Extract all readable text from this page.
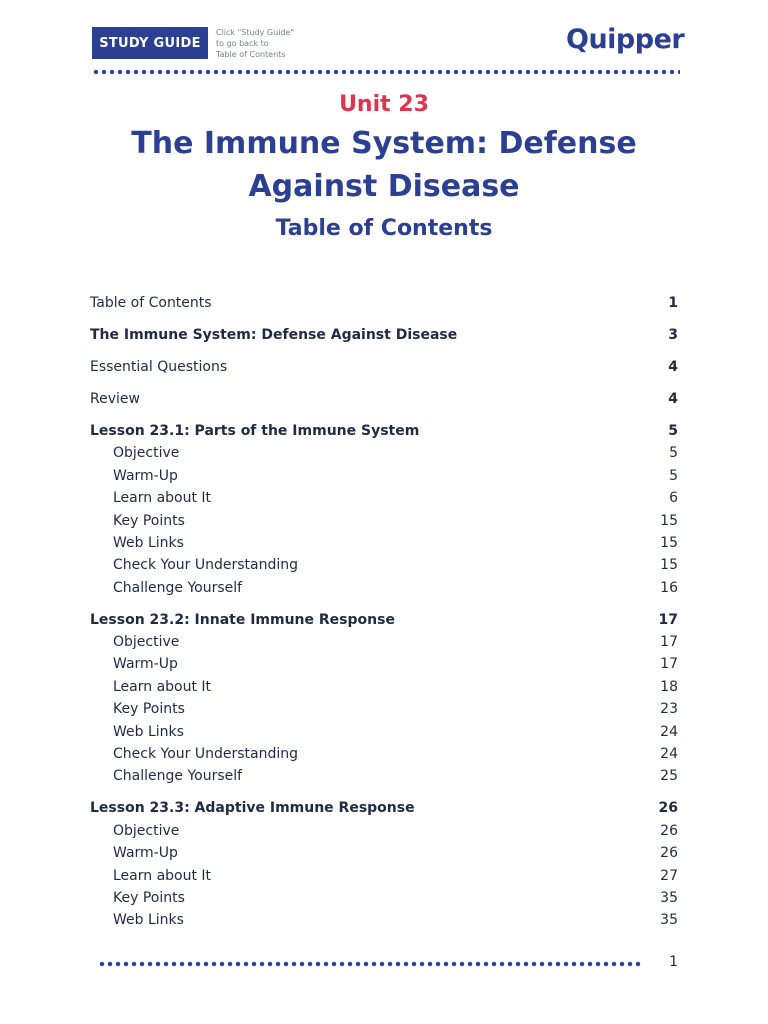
STUDY GUIDE
Click "Study Guide"
to go back to
Table of Contents	Quipper
Unit 23
The Immune System: Defense Against Disease
Table of Contents
Table of Contents	1
The Immune System: Defense Against Disease	3
Essential Questions	4
Review	4
Lesson 23.1: Parts of the Immune System	5
Objective	5
Warm-Up	5
Learn about It	6
Key Points	15
Web Links	15
Check Your Understanding	15
Challenge Yourself	16
Lesson 23.2: Innate Immune Response	17
Objective	17
Warm-Up	17
Learn about It	18
Key Points	23
Web Links	24
Check Your Understanding	24
Challenge Yourself	25
Lesson 23.3: Adaptive Immune Response	26
Objective	26
Warm-Up	26
Learn about It	27
Key Points	35
Web Links	35
1
